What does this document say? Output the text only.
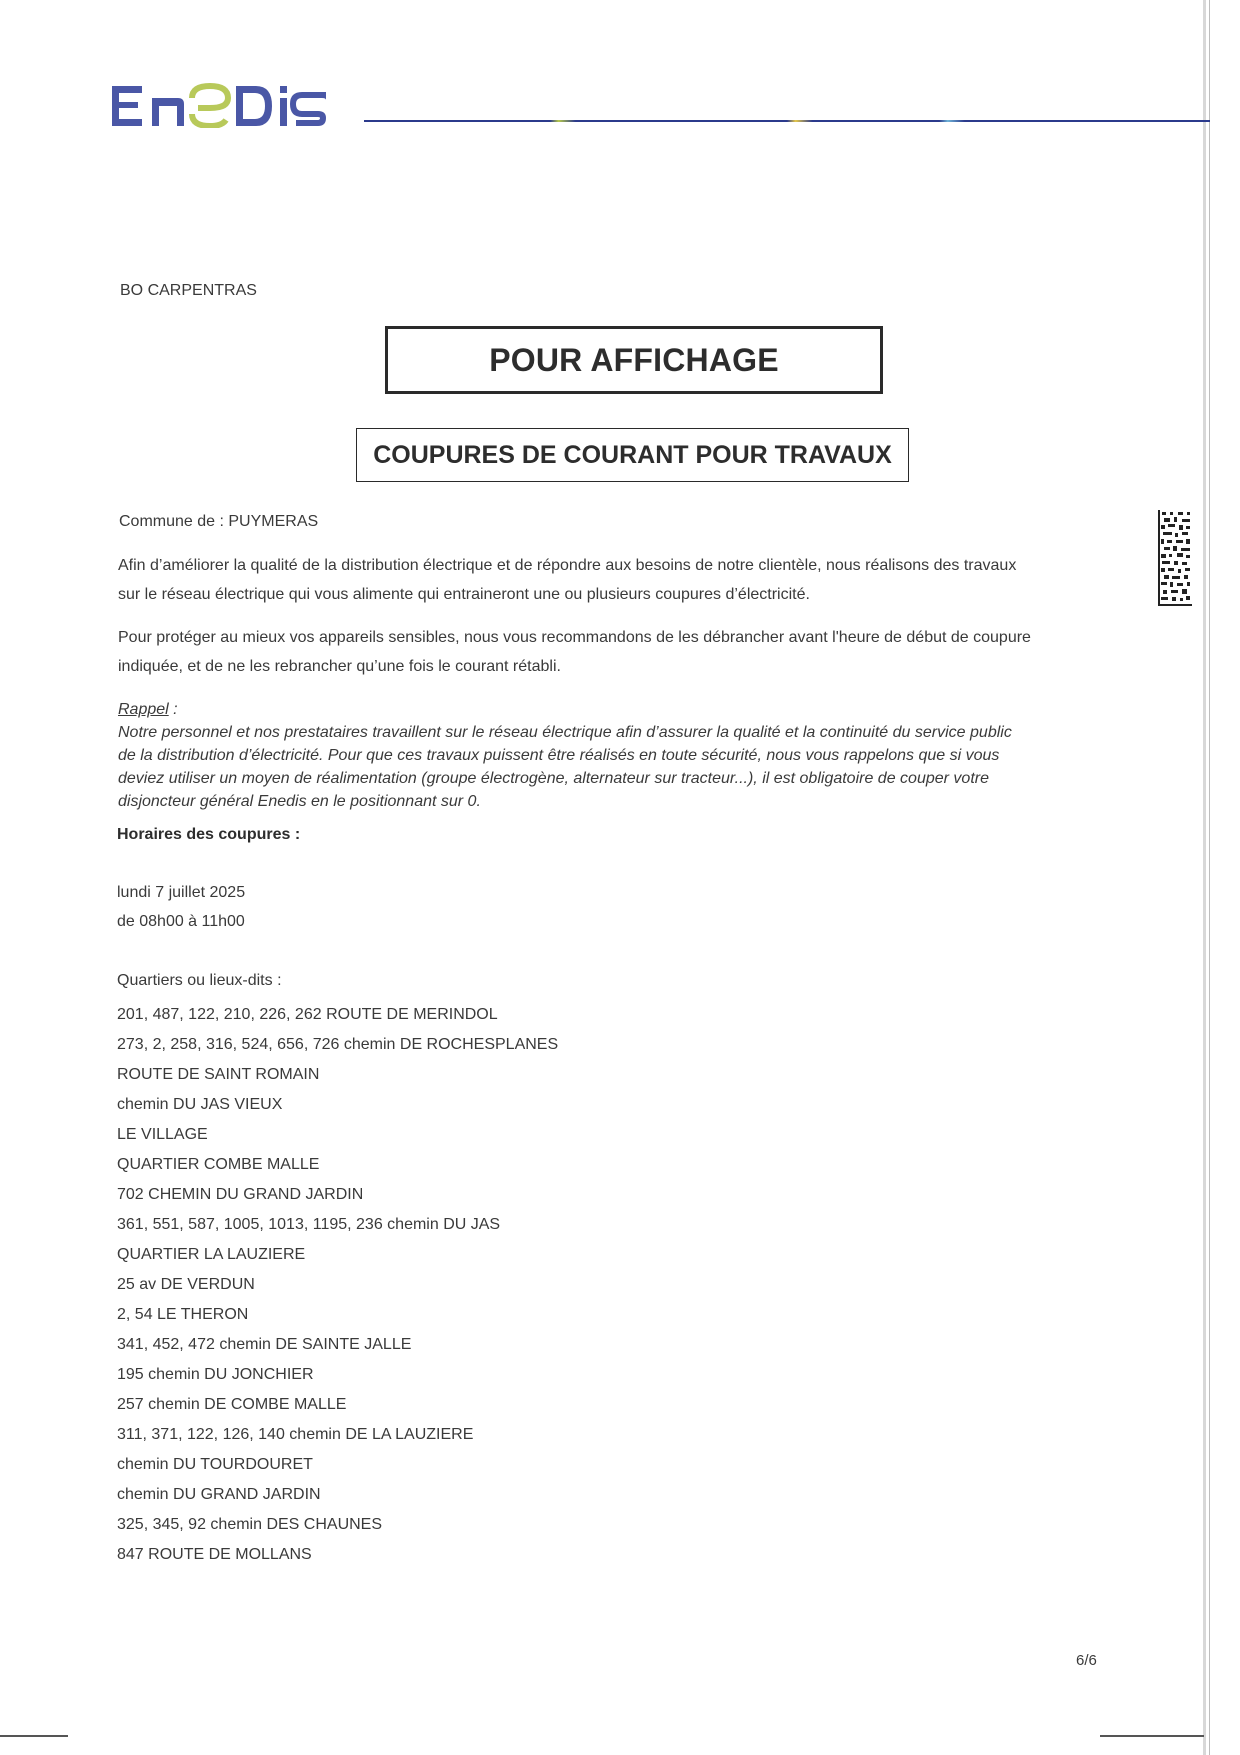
BO CARPENTRAS
POUR AFFICHAGE
COUPURES DE COURANT POUR TRAVAUX
Commune de : PUYMERAS
Afin d’améliorer la qualité de la distribution électrique et de répondre aux besoins de notre clientèle, nous réalisons des travaux
sur le réseau électrique qui vous alimente qui entraineront une ou plusieurs coupures d’électricité.
Pour protéger au mieux vos appareils sensibles, nous vous recommandons de les débrancher avant l'heure de début de coupure
indiquée, et de ne les rebrancher qu’une fois le courant rétabli.
Rappel :
Notre personnel et nos prestataires travaillent sur le réseau électrique afin d’assurer la qualité et la continuité du service public
de la distribution d’électricité. Pour que ces travaux puissent être réalisés en toute sécurité, nous vous rappelons que si vous
deviez utiliser un moyen de réalimentation (groupe électrogène, alternateur sur tracteur...), il est obligatoire de couper votre
disjoncteur général Enedis en le positionnant sur 0.
Horaires des coupures :
lundi 7 juillet 2025
de 08h00 à 11h00
Quartiers ou lieux-dits :
201, 487, 122, 210, 226, 262 ROUTE DE MERINDOL
273, 2, 258, 316, 524, 656, 726 chemin DE ROCHESPLANES
ROUTE DE SAINT ROMAIN
chemin DU JAS VIEUX
LE VILLAGE
QUARTIER COMBE MALLE
702 CHEMIN DU GRAND JARDIN
361, 551, 587, 1005, 1013, 1195, 236 chemin DU JAS
QUARTIER LA LAUZIERE
25 av DE VERDUN
2, 54 LE THERON
341, 452, 472 chemin DE SAINTE JALLE
195 chemin DU JONCHIER
257 chemin DE COMBE MALLE
311, 371, 122, 126, 140 chemin DE LA LAUZIERE
chemin DU TOURDOURET
chemin DU GRAND JARDIN
325, 345, 92 chemin DES CHAUNES
847 ROUTE DE MOLLANS
6/6
